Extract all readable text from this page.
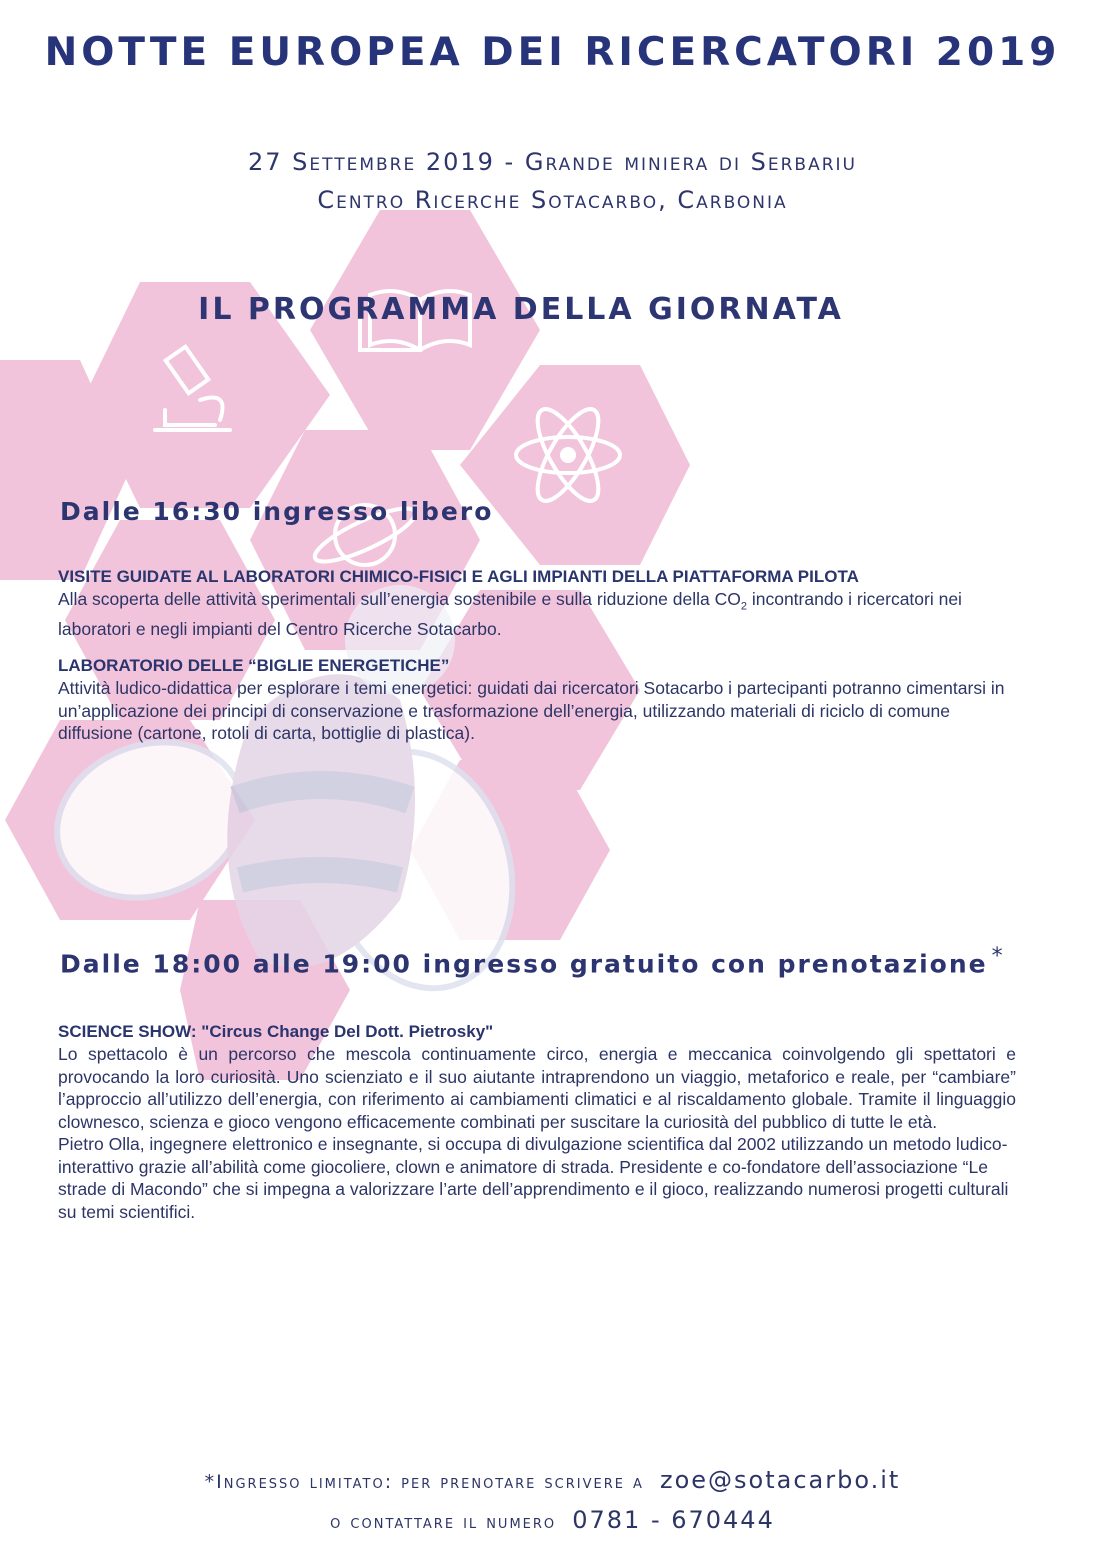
NOTTE EUROPEA DEI RICERCATORI 2019
27 Settembre 2019 - Grande miniera di Serbariu
Centro Ricerche Sotacarbo, Carbonia
IL PROGRAMMA DELLA GIORNATA
Dalle 16:30 ingresso libero

VISITE GUIDATE AL LABORATORI CHIMICO-FISICI E AGLI IMPIANTI DELLA PIATTAFORMA PILOTA

Alla scoperta delle attività sperimentali sull’energia sostenibile e sulla riduzione della $CO_2$ incontrando i ricercatori nei laboratori e negli impianti del Centro Ricerche Sotacarbo.

LABORATORIO DELLE “BIGLIE ENERGETICHE”

Attività ludico-didattica per esplorare i temi energetici: guidati dai ricercatori Sotacarbo i partecipanti potranno cimentarsi in un’applicazione dei principi di conservazione e trasformazione dell’energia, utilizzando materiali di riciclo di comune diffusione (cartone, rotoli di carta, bottiglie di plastica).

Dalle 18:00 alle 19:00 ingresso gratuito con prenotazione *

SCIENCE SHOW: "Circus Change Del Dott. Pietrosky"

Lo spettacolo è un percorso che mescola continuamente circo, energia e meccanica coinvolgendo gli spettatori e provocando la loro curiosità. Uno scienziato e il suo aiutante intraprendono un viaggio, metaforico e reale, per “cambiare” l’approccio all’utilizzo dell’energia, con riferimento ai cambiamenti climatici e al riscaldamento globale. Tramite il linguaggio clownesco, scienza e gioco vengono efficacemente combinati per suscitare la curiosità del pubblico di tutte le età.

Pietro Olla, ingegnere elettronico e insegnante, si occupa di divulgazione scientifica dal 2002 utilizzando un metodo ludico-interattivo grazie all’abilità come giocoliere, clown e animatore di strada. Presidente e co-fondatore dell’associazione “Le strade di Macondo” che si impegna a valorizzare l’arte dell’apprendimento e il gioco, realizzando numerosi progetti culturali su temi scientifici.

*Ingresso limitato: per prenotare scrivere a zoe@sotacarbo.it
o contattare il numero 0781 - 670444
